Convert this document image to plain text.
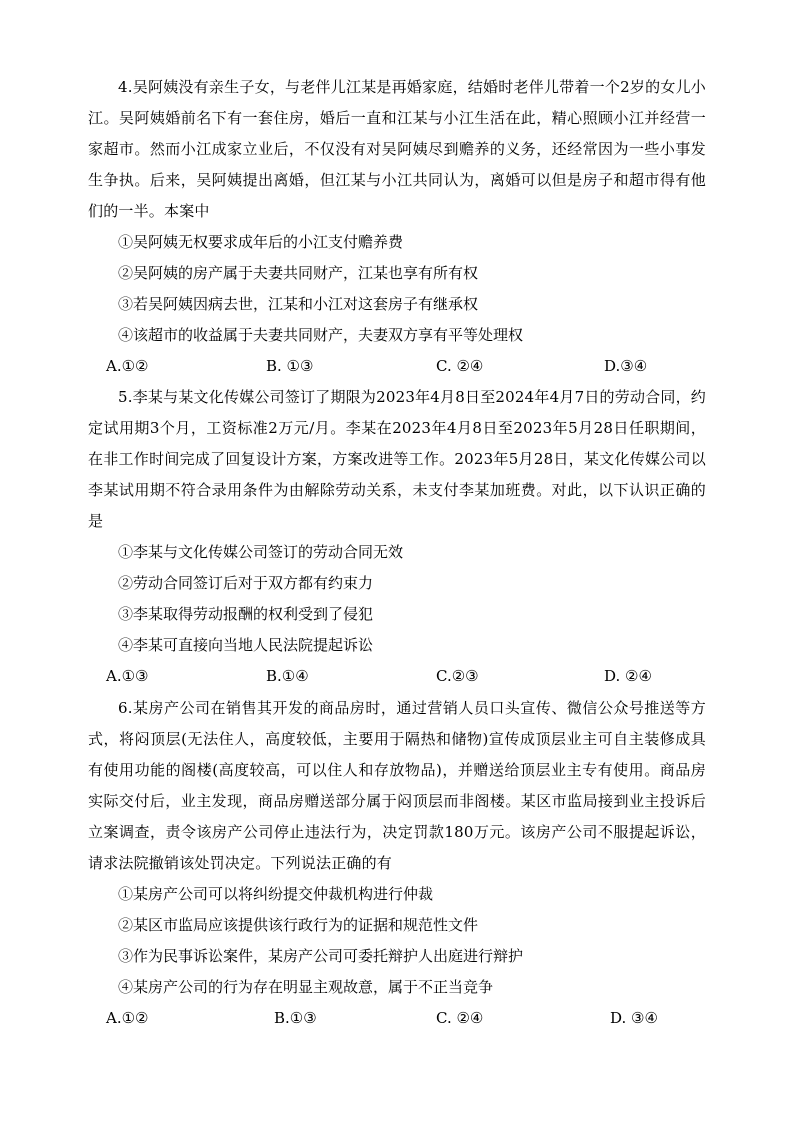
4.吴阿姨没有亲生子女，与老伴儿江某是再婚家庭，结婚时老伴儿带着一个2岁的女儿小江。吴阿姨婚前名下有一套住房，婚后一直和江某与小江生活在此，精心照顾小江并经营一家超市。然而小江成家立业后，不仅没有对吴阿姨尽到赡养的义务，还经常因为一些小事发生争执。后来，吴阿姨提出离婚，但江某与小江共同认为，离婚可以但是房子和超市得有他们的一半。本案中

①吴阿姨无权要求成年后的小江支付赡养费

②吴阿姨的房产属于夫妻共同财产，江某也享有所有权

③若吴阿姨因病去世，江某和小江对这套房子有继承权

④该超市的收益属于夫妻共同财产，夫妻双方享有平等处理权

A.①②	B. ①③	C. ②④	D.③④

5.李某与某文化传媒公司签订了期限为2023年4月8日至2024年4月7日的劳动合同，约定试用期3个月，工资标准2万元/月。李某在2023年4月8日至2023年5月28日任职期间，在非工作时间完成了回复设计方案，方案改进等工作。2023年5月28日，某文化传媒公司以李某试用期不符合录用条件为由解除劳动关系，未支付李某加班费。对此，以下认识正确的是

①李某与文化传媒公司签订的劳动合同无效

②劳动合同签订后对于双方都有约束力

③李某取得劳动报酬的权利受到了侵犯

④李某可直接向当地人民法院提起诉讼

A.①③	B.①④	C.②③	D. ②④

6.某房产公司在销售其开发的商品房时，通过营销人员口头宣传、微信公众号推送等方式，将闷顶层(无法住人，高度较低，主要用于隔热和储物)宣传成顶层业主可自主装修成具有使用功能的阁楼(高度较高，可以住人和存放物品)，并赠送给顶层业主专有使用。商品房实际交付后，业主发现，商品房赠送部分属于闷顶层而非阁楼。某区市监局接到业主投诉后立案调查，责令该房产公司停止违法行为，决定罚款180万元。该房产公司不服提起诉讼，请求法院撤销该处罚决定。下列说法正确的有

①某房产公司可以将纠纷提交仲裁机构进行仲裁

②某区市监局应该提供该行政行为的证据和规范性文件

③作为民事诉讼案件，某房产公司可委托辩护人出庭进行辩护

④某房产公司的行为存在明显主观故意，属于不正当竞争

A.①②	B.①③	C. ②④	D. ③④
